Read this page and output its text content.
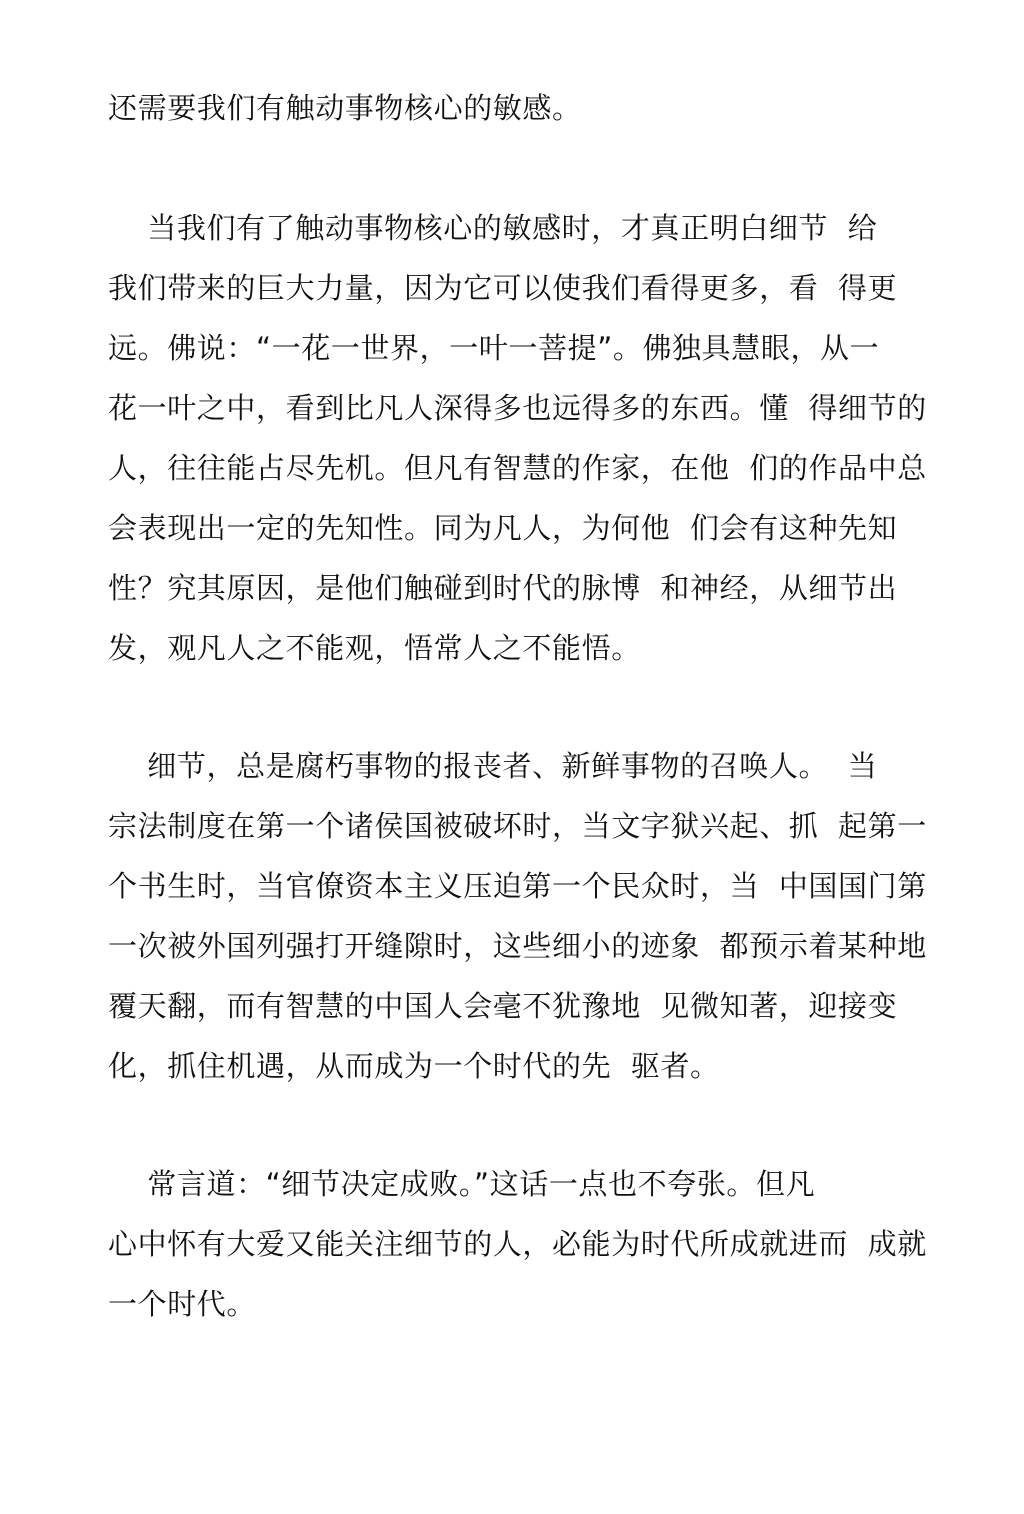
还需要我们有触动事物核心的敏感。
当我们有了触动事物核心的敏感时，才真正明白细节  给
我们带来的巨大力量，因为它可以使我们看得更多，看  得更
远。佛说：“一花一世界，一叶一菩提”。佛独具慧眼，从一
花一叶之中，看到比凡人深得多也远得多的东西。懂  得细节的
人，往往能占尽先机。但凡有智慧的作家，在他  们的作品中总
会表现出一定的先知性。同为凡人，为何他  们会有这种先知
性？究其原因，是他们触碰到时代的脉博  和神经，从细节出
发，观凡人之不能观，悟常人之不能悟。
细节，总是腐朽事物的报丧者、新鲜事物的召唤人。  当
宗法制度在第一个诸侯国被破坏时，当文字狱兴起、抓  起第一
个书生时，当官僚资本主义压迫第一个民众时，当  中国国门第
一次被外国列强打开缝隙时，这些细小的迹象  都预示着某种地
覆天翻，而有智慧的中国人会毫不犹豫地  见微知著，迎接变
化，抓住机遇，从而成为一个时代的先  驱者。
常言道：“细节决定成败。”这话一点也不夸张。但凡
心中怀有大爱又能关注细节的人，必能为时代所成就进而  成就
一个时代。
